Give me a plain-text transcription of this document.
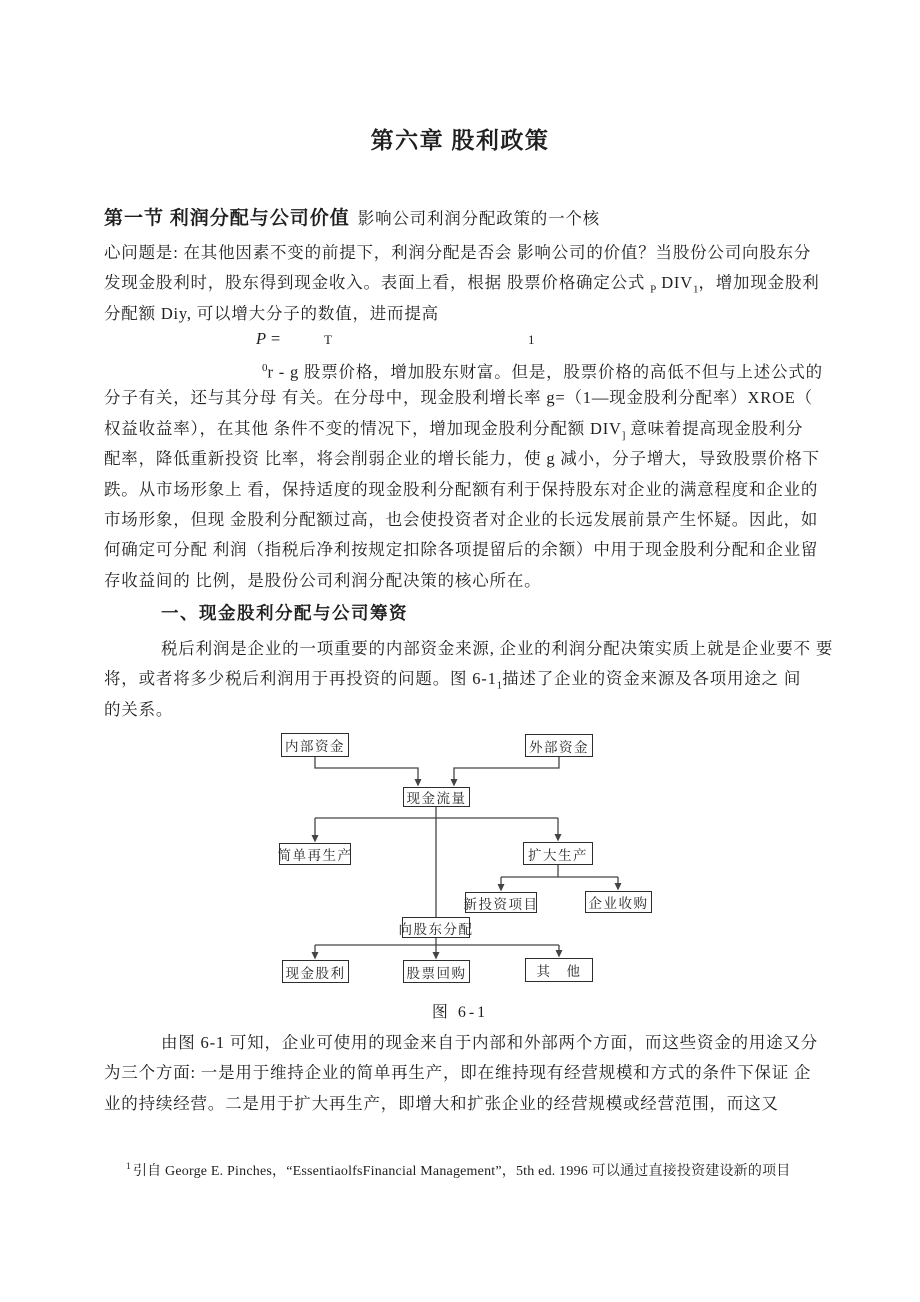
第六章 股利政策
第一节 利润分配与公司价值 影响公司利润分配政策的一个核
心问题是: 在其他因素不变的前提下，利润分配是否会 影响公司的价值？当股份公司向股东分
发现金股利时，股东得到现金收入。表面上看，根据 股票价格确定公式 $_P$ $DIV_1$，增加现金股利
分配额 Diy, 可以增大分子的数值，进而提高
P =	T	1
$^0$r - g 股票价格，增加股东财富。但是，股票价格的高低不但与上述公式的
分子有关，还与其分母 有关。在分母中，现金股利增长率 g=（1—现金股利分配率）XROE（
权益收益率），在其他 条件不变的情况下，增加现金股利分配额 $DIV_]$ 意味着提高现金股利分
配率，降低重新投资 比率，将会削弱企业的增长能力，使 g 减小，分子增大，导致股票价格下
跌。从市场形象上 看，保持适度的现金股利分配额有利于保持股东对企业的满意程度和企业的
市场形象，但现 金股利分配额过高，也会使投资者对企业的长远发展前景产生怀疑。因此，如
何确定可分配 利润（指税后净利按规定扣除各项提留后的余额）中用于现金股利分配和企业留
存收益间的 比例，是股份公司利润分配决策的核心所在。
一、现金股利分配与公司筹资
税后利润是企业的一项重要的内部资金来源, 企业的利润分配决策实质上就是企业要不 要
将，或者将多少税后利润用于再投资的问题。图 $6-1_1$描述了企业的资金来源及各项用途之 间
的关系。
内部资金	外部资金
现金流量
简单再生产	扩大生产
新投资项目	企业收购
向股东分配
现金股利	股票回购	其　他
图 6-1
由图 6-1 可知，企业可使用的现金来自于内部和外部两个方面，而这些资金的用途又分
为三个方面: 一是用于维持企业的简单再生产，即在维持现有经营规模和方式的条件下保证 企
业的持续经营。二是用于扩大再生产，即增大和扩张企业的经营规模或经营范围，而这又
$^1$ 引自 George E. Pinches，“EssentiaolfsFinancial Management”，5th ed. 1996 可以通过直接投资建设新的项目
